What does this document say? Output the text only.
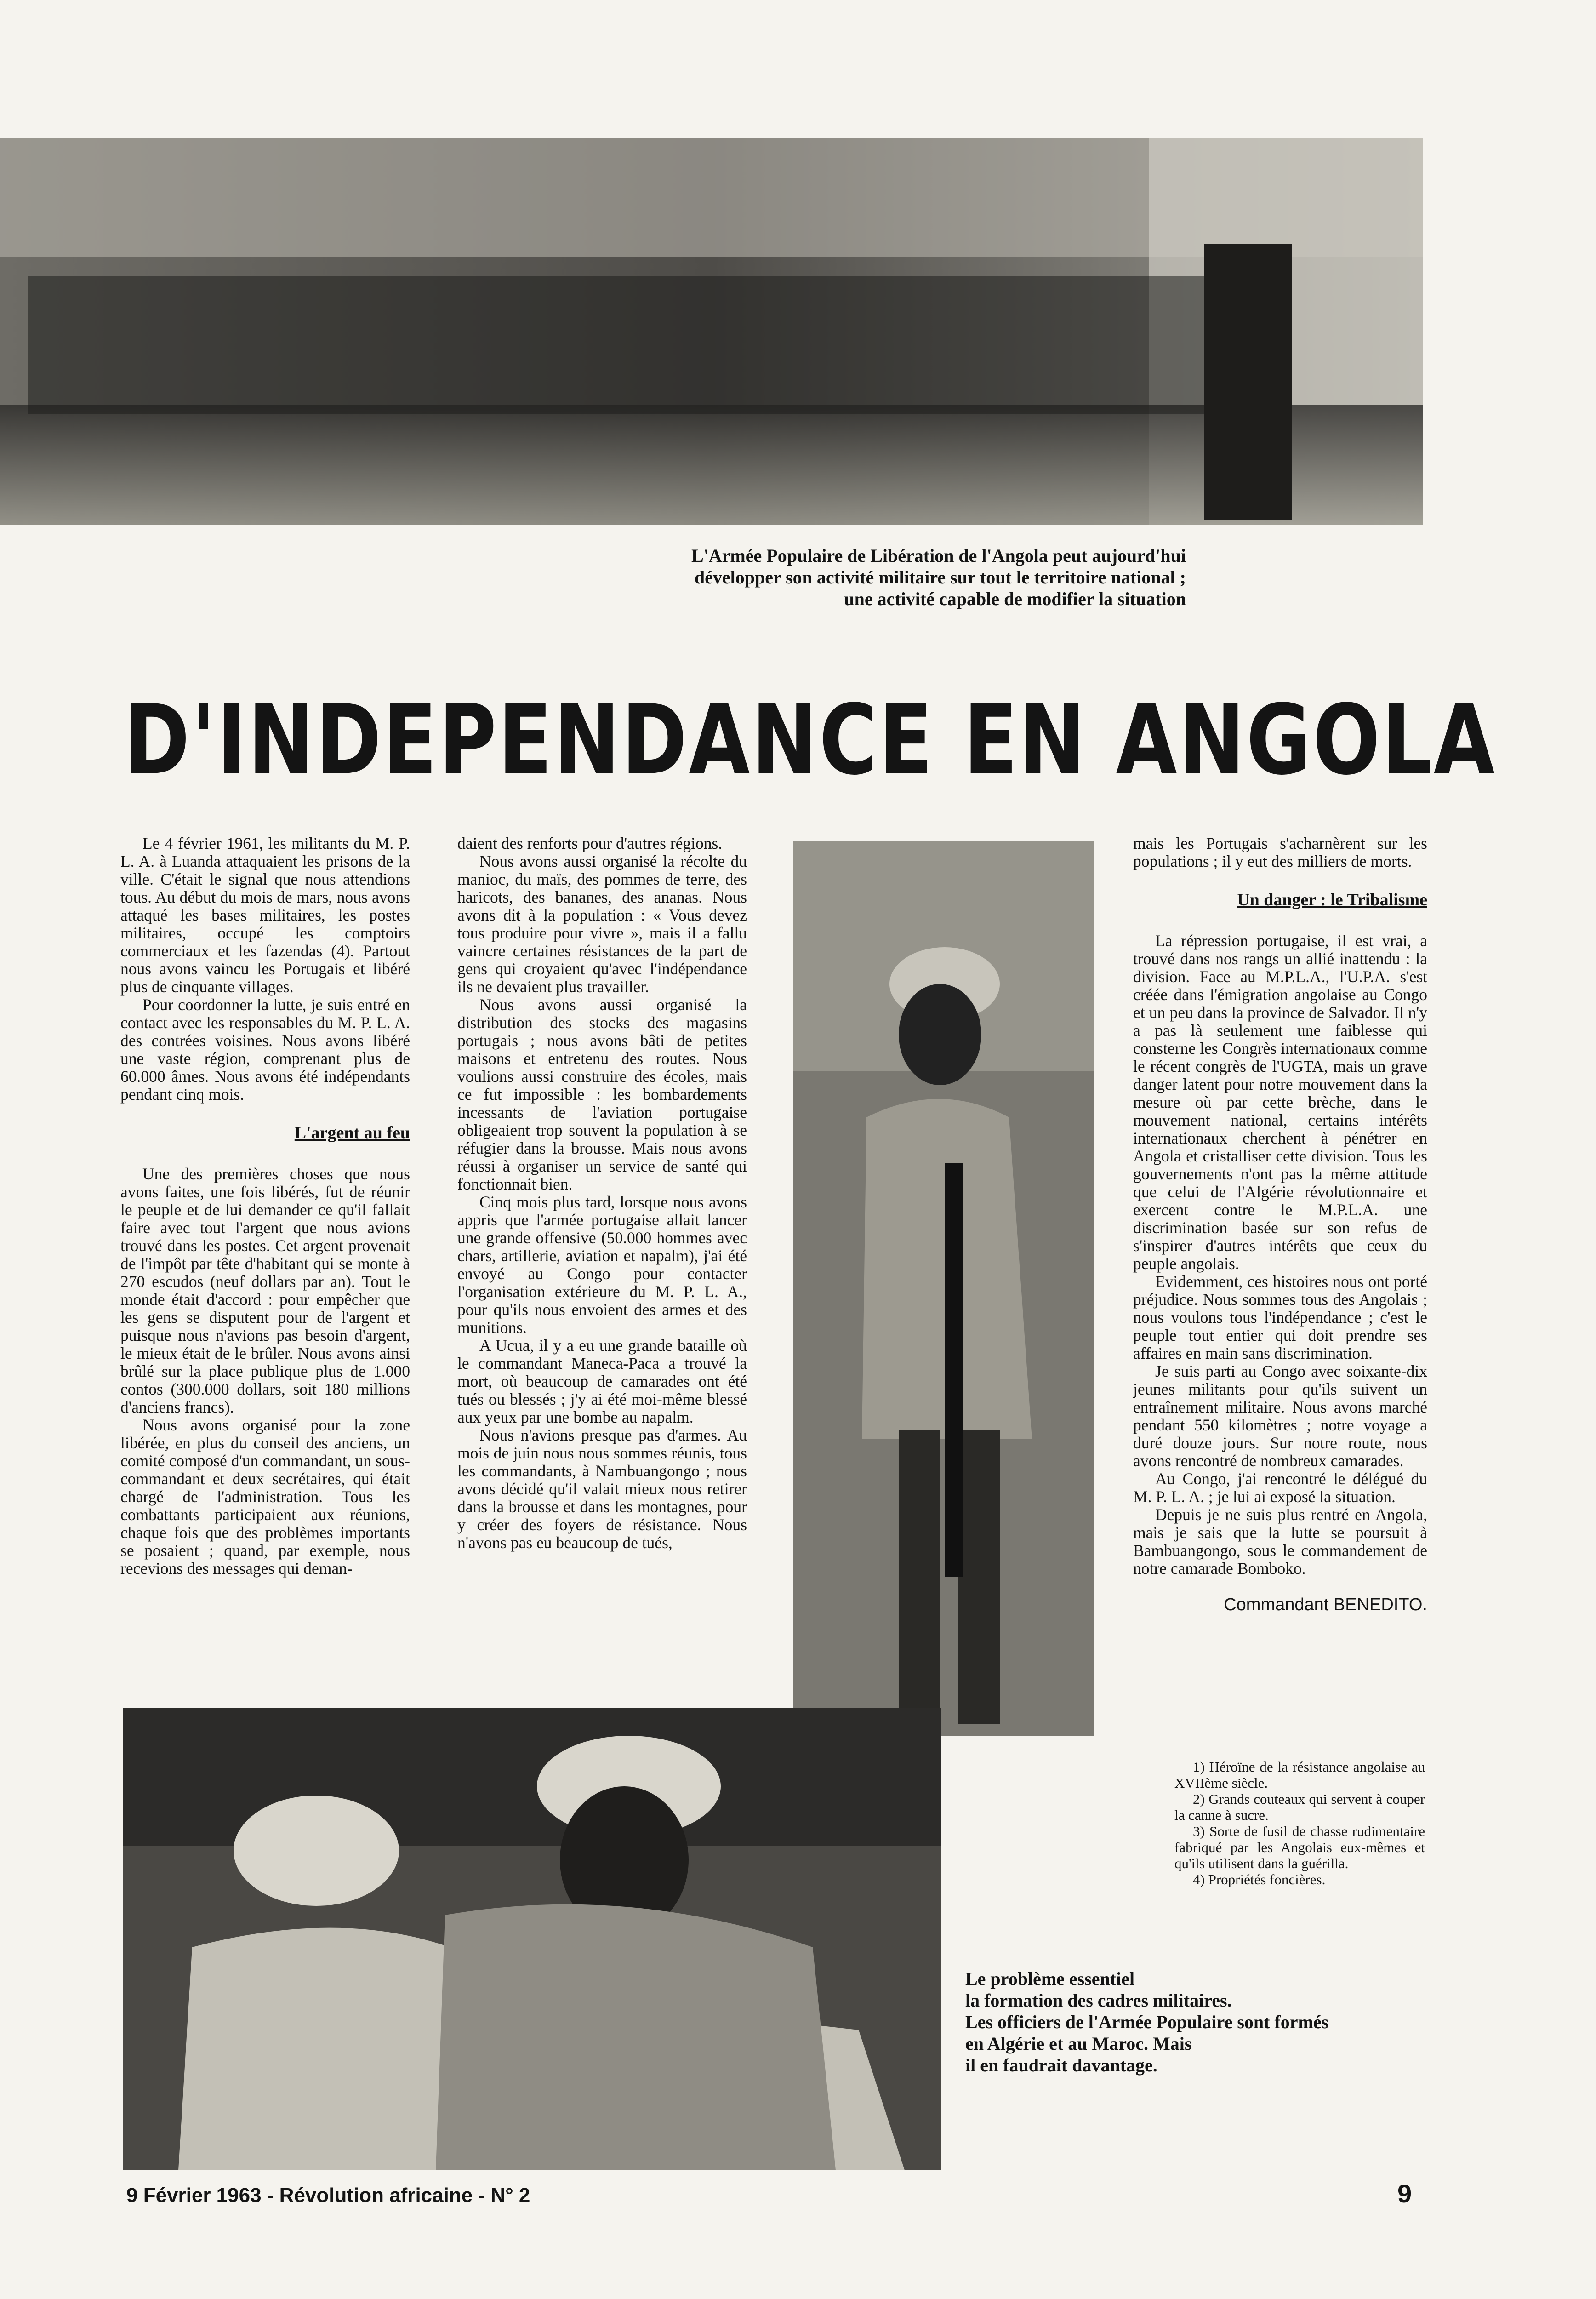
L'Armée Populaire de Libération de l'Angola peut aujourd'hui
développer son activité militaire sur tout le territoire national ;
une activité capable de modifier la situation
D'INDEPENDANCE EN ANGOLA

Le 4 février 1961, les militants du M. P. L. A. à Luanda attaquaient les prisons de la ville. C'était le signal que nous attendions tous. Au début du mois de mars, nous avons attaqué les bases militaires, les postes militaires, occupé les comptoirs commerciaux et les fazendas (4). Partout nous avons vaincu les Portugais et libéré plus de cinquante villages.

Pour coordonner la lutte, je suis entré en contact avec les responsables du M. P. L. A. des contrées voisines. Nous avons libéré une vaste région, comprenant plus de 60.000 âmes. Nous avons été indépendants pendant cinq mois.

L'argent au feu

Une des premières choses que nous avons faites, une fois libérés, fut de réunir le peuple et de lui demander ce qu'il fallait faire avec tout l'argent que nous avions trouvé dans les postes. Cet argent provenait de l'impôt par tête d'habitant qui se monte à 270 escudos (neuf dollars par an). Tout le monde était d'accord : pour empêcher que les gens se disputent pour de l'argent et puisque nous n'avions pas besoin d'argent, le mieux était de le brûler. Nous avons ainsi brûlé sur la place publique plus de 1.000 contos (300.000 dollars, soit 180 millions d'anciens francs).

Nous avons organisé pour la zone libérée, en plus du conseil des anciens, un comité composé d'un commandant, un sous-commandant et deux secrétaires, qui était chargé de l'administration. Tous les combattants participaient aux réunions, chaque fois que des problèmes importants se posaient ; quand, par exemple, nous recevions des messages qui deman-

daient des renforts pour d'autres régions.

Nous avons aussi organisé la récolte du manioc, du maïs, des pommes de terre, des haricots, des bananes, des ananas. Nous avons dit à la population : « Vous devez tous produire pour vivre », mais il a fallu vaincre certaines résistances de la part de gens qui croyaient qu'avec l'indépendance ils ne devaient plus travailler.

Nous avons aussi organisé la distribution des stocks des magasins portugais ; nous avons bâti de petites maisons et entretenu des routes. Nous voulions aussi construire des écoles, mais ce fut impossible : les bombardements incessants de l'aviation portugaise obligeaient trop souvent la population à se réfugier dans la brousse. Mais nous avons réussi à organiser un service de santé qui fonctionnait bien.

Cinq mois plus tard, lorsque nous avons appris que l'armée portugaise allait lancer une grande offensive (50.000 hommes avec chars, artillerie, aviation et napalm), j'ai été envoyé au Congo pour contacter l'organisation extérieure du M. P. L. A., pour qu'ils nous envoient des armes et des munitions.

A Ucua, il y a eu une grande bataille où le commandant Maneca-Paca a trouvé la mort, où beaucoup de camarades ont été tués ou blessés ; j'y ai été moi-même blessé aux yeux par une bombe au napalm.

Nous n'avions presque pas d'armes. Au mois de juin nous nous sommes réunis, tous les commandants, à Nambuangongo ; nous avons décidé qu'il valait mieux nous retirer dans la brousse et dans les montagnes, pour y créer des foyers de résistance. Nous n'avons pas eu beaucoup de tués,

mais les Portugais s'acharnèrent sur les populations ; il y eut des milliers de morts.

Un danger : le Tribalisme

La répression portugaise, il est vrai, a trouvé dans nos rangs un allié inattendu : la division. Face au M.P.L.A., l'U.P.A. s'est créée dans l'émigration angolaise au Congo et un peu dans la province de Salvador. Il n'y a pas là seulement une faiblesse qui consterne les Congrès internationaux comme le récent congrès de l'UGTA, mais un grave danger latent pour notre mouvement dans la mesure où par cette brèche, dans le mouvement national, certains intérêts internationaux cherchent à pénétrer en Angola et cristalliser cette division. Tous les gouvernements n'ont pas la même attitude que celui de l'Algérie révolutionnaire et exercent contre le M.P.L.A. une discrimination basée sur son refus de s'inspirer d'autres intérêts que ceux du peuple angolais.

Evidemment, ces histoires nous ont porté préjudice. Nous sommes tous des Angolais ; nous voulons tous l'indépendance ; c'est le peuple tout entier qui doit prendre ses affaires en main sans discrimination.

Je suis parti au Congo avec soixante-dix jeunes militants pour qu'ils suivent un entraînement militaire. Nous avons marché pendant 550 kilomètres ; notre voyage a duré douze jours. Sur notre route, nous avons rencontré de nombreux camarades.

Au Congo, j'ai rencontré le délégué du M. P. L. A. ; je lui ai exposé la situation.

Depuis je ne suis plus rentré en Angola, mais je sais que la lutte se poursuit à Bambuangongo, sous le commandement de notre camarade Bomboko.

Commandant BENEDITO.

1) Héroïne de la résistance angolaise au XVIIème siècle.

2) Grands couteaux qui servent à couper la canne à sucre.

3) Sorte de fusil de chasse rudimentaire fabriqué par les Angolais eux-mêmes et qu'ils utilisent dans la guérilla.

4) Propriétés foncières.

Le problème essentiel
la formation des cadres militaires.
Les officiers de l'Armée Populaire sont formés
en Algérie et au Maroc. Mais
il en faudrait davantage.
9 Février 1963 - Révolution africaine - N° 2	9
